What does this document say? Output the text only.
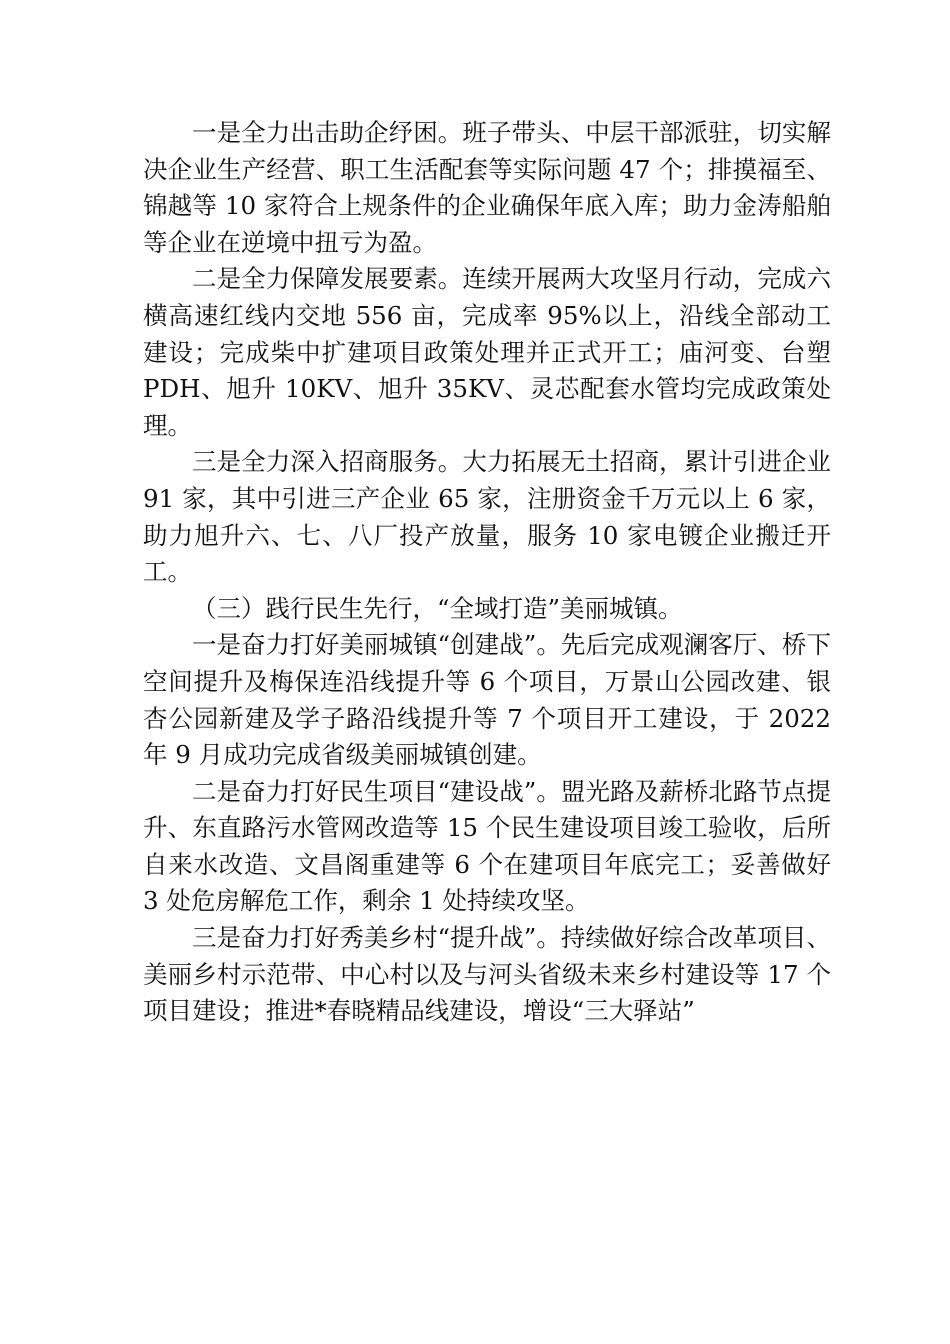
一是全力出击助企纾困。班子带头、中层干部派驻，切实解决企业生产经营、职工生活配套等实际问题 47 个；排摸福至、锦越等 10 家符合上规条件的企业确保年底入库；助力金涛船舶等企业在逆境中扭亏为盈。

二是全力保障发展要素。连续开展两大攻坚月行动，完成六横高速红线内交地 556 亩，完成率 95%以上，沿线全部动工建设；完成柴中扩建项目政策处理并正式开工；庙河变、台塑 PDH、旭升 10KV、旭升 35KV、灵芯配套水管均完成政策处理。

三是全力深入招商服务。大力拓展无土招商，累计引进企业 91 家，其中引进三产企业 65 家，注册资金千万元以上 6 家，助力旭升六、七、八厂投产放量，服务 10 家电镀企业搬迁开工。

（三）践行民生先行，“全域打造”美丽城镇。

一是奋力打好美丽城镇“创建战”。先后完成观澜客厅、桥下空间提升及梅保连沿线提升等 6 个项目，万景山公园改建、银杏公园新建及学子路沿线提升等 7 个项目开工建设，于 2022 年 9 月成功完成省级美丽城镇创建。

二是奋力打好民生项目“建设战”。盟光路及薪桥北路节点提升、东直路污水管网改造等 15 个民生建设项目竣工验收，后所自来水改造、文昌阁重建等 6 个在建项目年底完工；妥善做好 3 处危房解危工作，剩余 1 处持续攻坚。

三是奋力打好秀美乡村“提升战”。持续做好综合改革项目、美丽乡村示范带、中心村以及与河头省级未来乡村建设等 17 个项目建设；推进*春晓精品线建设，增设“三大驿站”
